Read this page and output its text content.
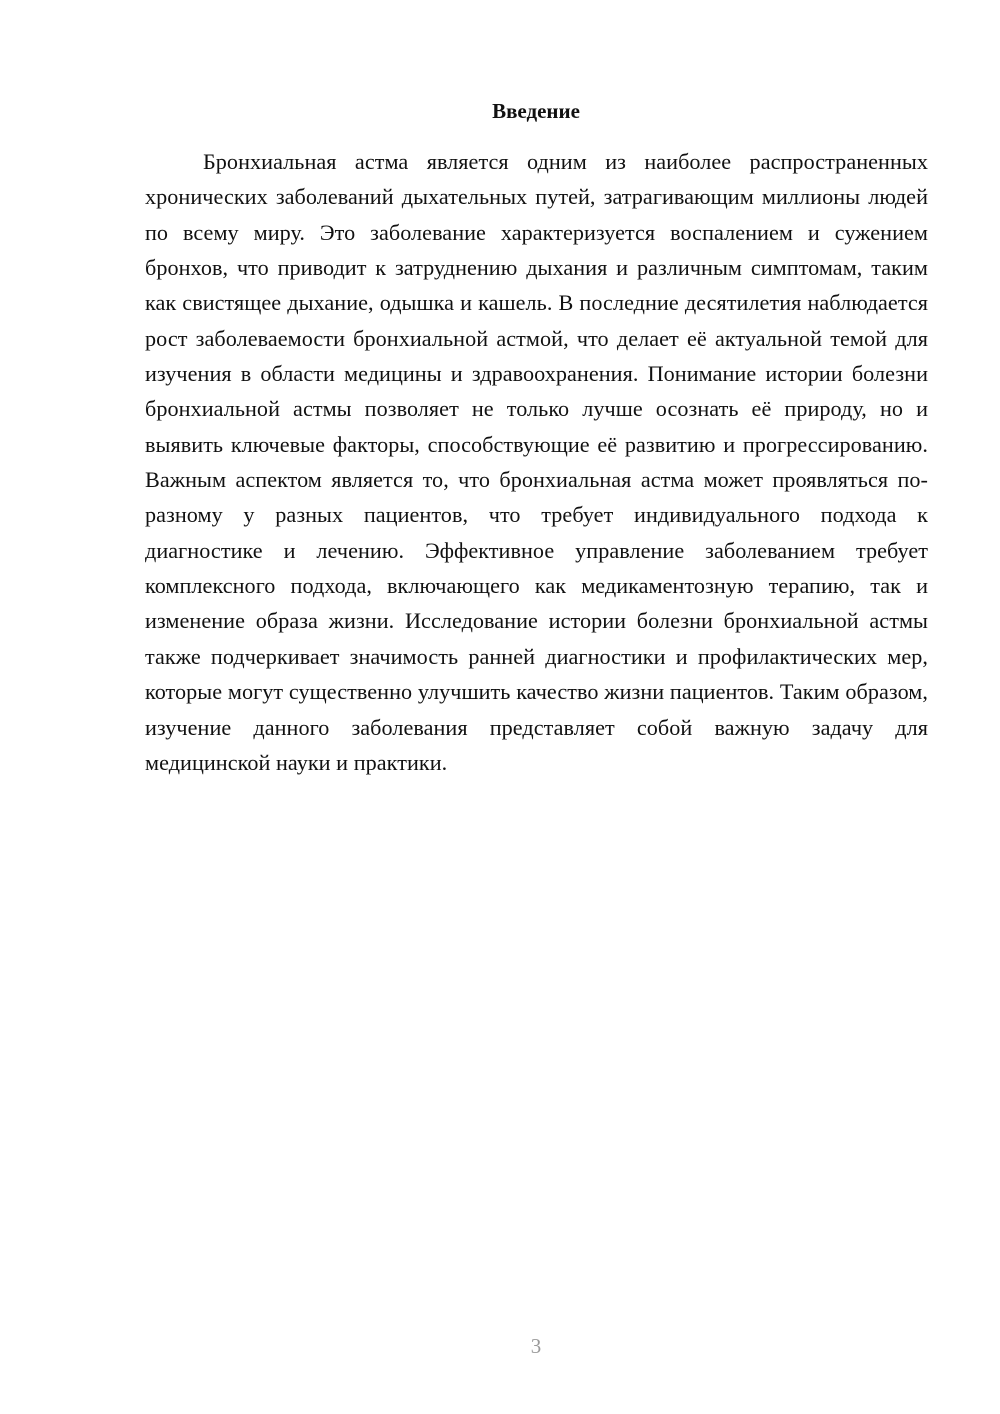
Введение

Бронхиальная астма является одним из наиболее распространенных хронических заболеваний дыхательных путей, затрагивающим миллионы людей по всему миру. Это заболевание характеризуется воспалением и сужением бронхов, что приводит к затруднению дыхания и различным симптомам, таким как свистящее дыхание, одышка и кашель. В последние десятилетия наблюдается рост заболеваемости бронхиальной астмой, что делает её актуальной темой для изучения в области медицины и здравоохранения. Понимание истории болезни бронхиальной астмы позволяет не только лучше осознать её природу, но и выявить ключевые факторы, способствующие её развитию и прогрессированию. Важным аспектом является то, что бронхиальная астма может проявляться по-разному у разных пациентов, что требует индивидуального подхода к диагностике и лечению. Эффективное управление заболеванием требует комплексного подхода, включающего как медикаментозную терапию, так и изменение образа жизни. Исследование истории болезни бронхиальной астмы также подчеркивает значимость ранней диагностики и профилактических мер, которые могут существенно улучшить качество жизни пациентов. Таким образом, изучение данного заболевания представляет собой важную задачу для медицинской науки и практики.

3
